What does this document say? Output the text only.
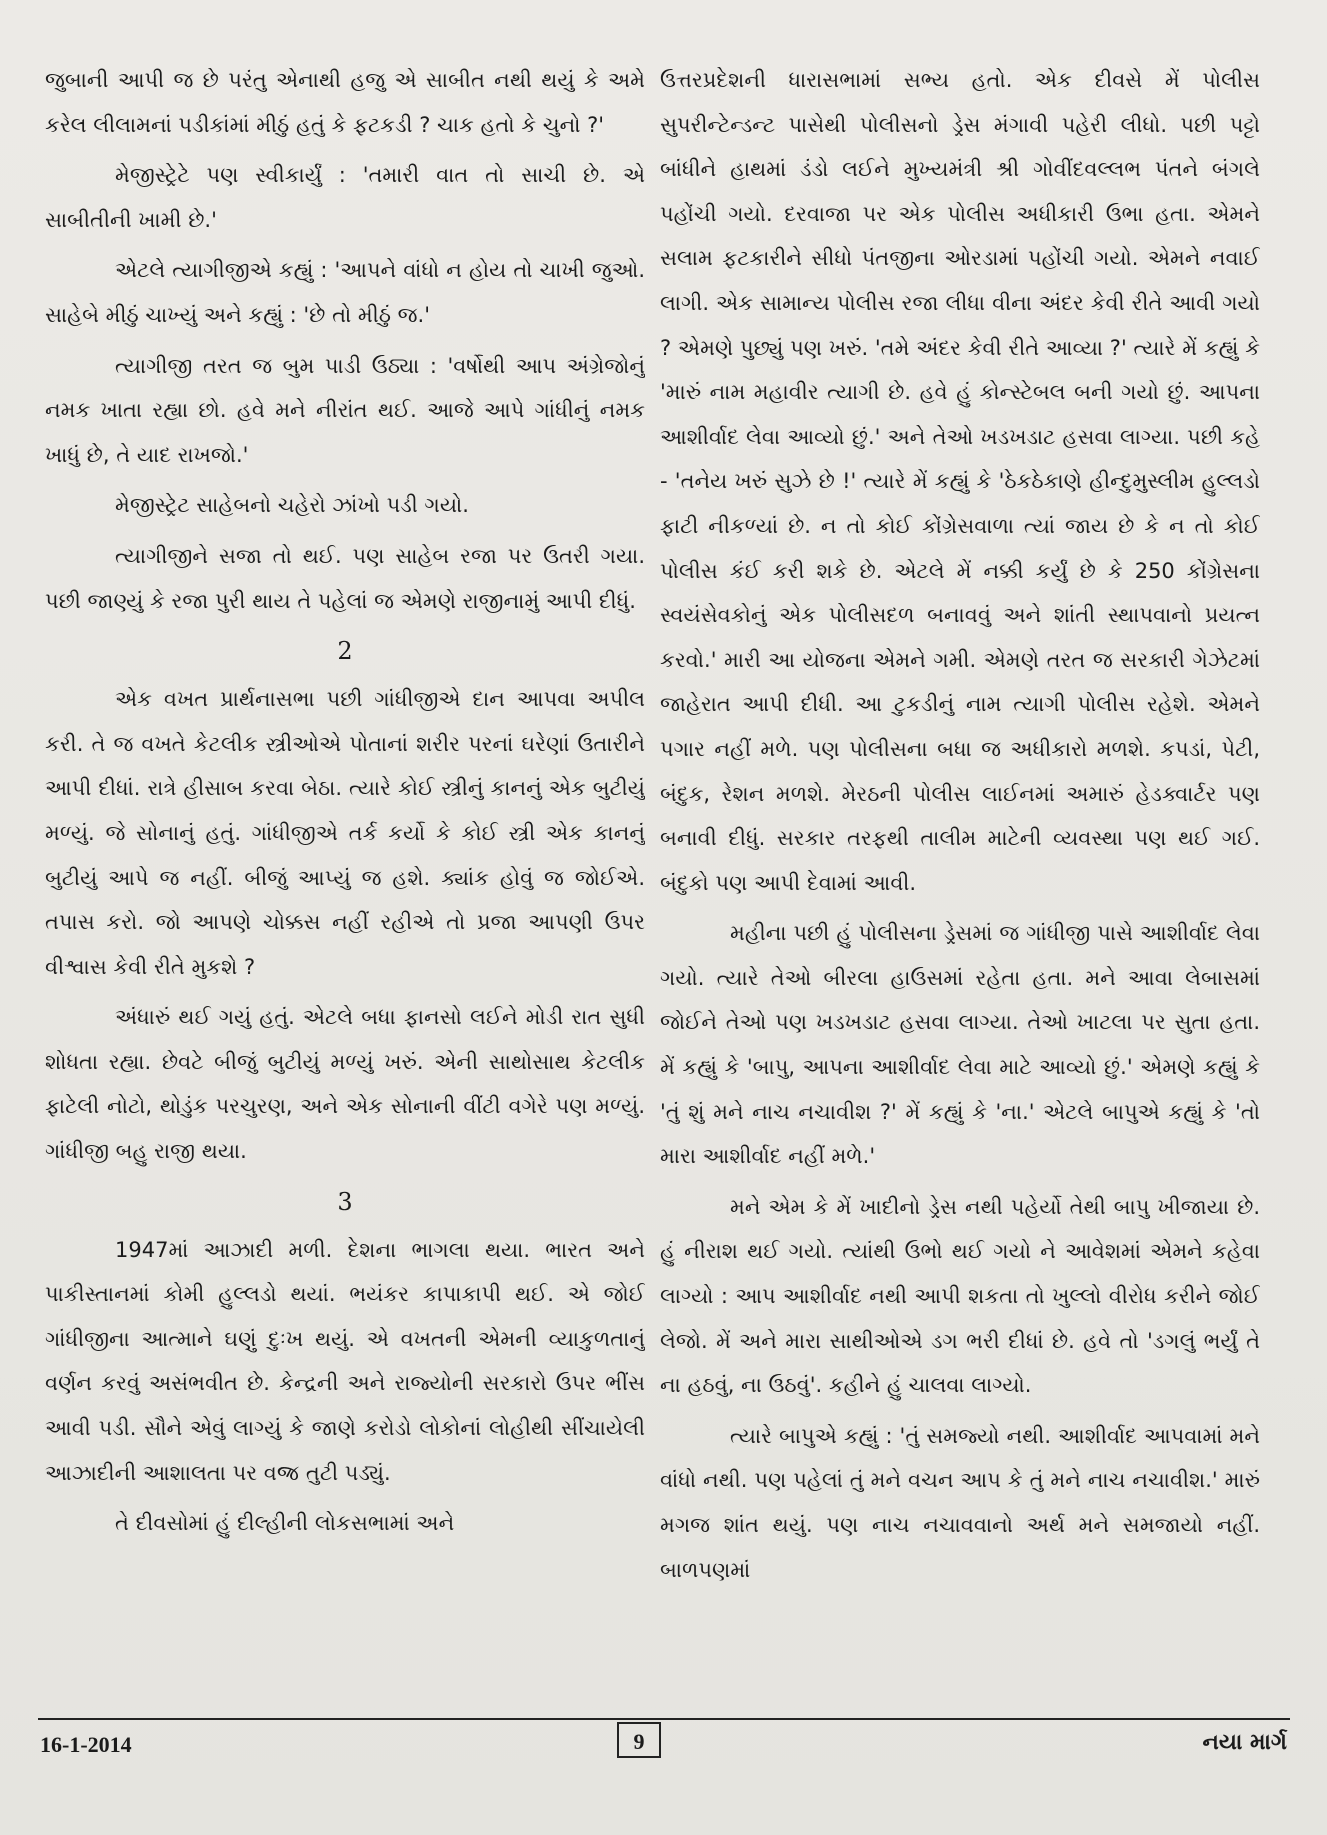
જુબાની આપી જ છે પરંતુ એનાથી હજુ એ સાબીત નથી થયું કે અમે કરેલ લીલામનાં પડીકાંમાં મીઠું હતું કે ફટકડી ? ચાક હતો કે ચુનો ?'

મેજીસ્ટ્રેટે પણ સ્વીકાર્યું : 'તમારી વાત તો સાચી છે. એ સાબીતીની ખામી છે.'

એટલે ત્યાગીજીએ કહ્યું : 'આપને વાંધો ન હોય તો ચાખી જુઓ. સાહેબે મીઠું ચાખ્યું અને કહ્યું : 'છે તો મીઠું જ.'

ત્યાગીજી તરત જ બુમ પાડી ઉઠ્યા : 'વર્ષોથી આપ અંગ્રેજોનું નમક ખાતા રહ્યા છો. હવે મને નીરાંત થઈ. આજે આપે ગાંધીનું નમક ખાધું છે, તે યાદ રાખજો.'

મેજીસ્ટ્રેટ સાહેબનો ચહેરો ઝાંખો પડી ગયો.

ત્યાગીજીને સજા તો થઈ. પણ સાહેબ રજા પર ઉતરી ગયા. પછી જાણ્યું કે રજા પુરી થાય તે પહેલાં જ એમણે રાજીનામું આપી દીધું.

2

એક વખત પ્રાર્થનાસભા પછી ગાંધીજીએ દાન આપવા અપીલ કરી. તે જ વખતે કેટલીક સ્ત્રીઓએ પોતાનાં શરીર પરનાં ઘરેણાં ઉતારીને આપી દીધાં. રાત્રે હીસાબ કરવા બેઠા. ત્યારે કોઈ સ્ત્રીનું કાનનું એક બુટીયું મળ્યું. જે સોનાનું હતું. ગાંધીજીએ તર્ક કર્યો કે કોઈ સ્ત્રી એક કાનનું બુટીયું આપે જ નહીં. બીજું આપ્યું જ હશે. ક્યાંક હોવું જ જોઈએ. તપાસ કરો. જો આપણે ચોક્કસ નહીં રહીએ તો પ્રજા આપણી ઉપર વીશ્વાસ કેવી રીતે મુકશે ?

અંધારું થઈ ગયું હતું. એટલે બધા ફાનસો લઈને મોડી રાત સુધી શોધતા રહ્યા. છેવટે બીજું બુટીયું મળ્યું ખરું. એની સાથોસાથ કેટલીક ફાટેલી નોટો, થોડુંક પરચુરણ, અને એક સોનાની વીંટી વગેરે પણ મળ્યું. ગાંધીજી બહુ રાજી થયા.

3

1947માં આઝાદી મળી. દેશના ભાગલા થયા. ભારત અને પાકીસ્તાનમાં કોમી હુલ્લડો થયાં. ભયંકર કાપાકાપી થઈ. એ જોઈ ગાંધીજીના આત્માને ઘણું દુઃખ થયું. એ વખતની એમની વ્યાકુળતાનું વર્ણન કરવું અસંભવીત છે. કેન્દ્રની અને રાજ્યોની સરકારો ઉપર ભીંસ આવી પડી. સૌને એવું લાગ્યું કે જાણે કરોડો લોકોનાં લોહીથી સીંચાયેલી આઝાદીની આશાલતા પર વજ્ર તુટી પડ્યું.

તે દીવસોમાં હું દીલ્હીની લોકસભામાં અને

ઉત્તરપ્રદેશની ધારાસભામાં સભ્ય હતો. એક દીવસે મેં પોલીસ સુપરીન્ટેન્ડન્ટ પાસેથી પોલીસનો ડ્રેસ મંગાવી પહેરી લીધો. પછી પટ્ટો બાંધીને હાથમાં ડંડો લઈને મુખ્યમંત્રી શ્રી ગોવીંદવલ્લભ પંતને બંગલે પહોંચી ગયો. દરવાજા પર એક પોલીસ અધીકારી ઉભા હતા. એમને સલામ ફટકારીને સીધો પંતજીના ઓરડામાં પહોંચી ગયો. એમને નવાઈ લાગી. એક સામાન્ય પોલીસ રજા લીધા વીના અંદર કેવી રીતે આવી ગયો ? એમણે પુછ્યું પણ ખરું. 'તમે અંદર કેવી રીતે આવ્યા ?' ત્યારે મેં કહ્યું કે 'મારું નામ મહાવીર ત્યાગી છે. હવે હું કોન્સ્ટેબલ બની ગયો છું. આપના આશીર્વાદ લેવા આવ્યો છું.' અને તેઓ ખડખડાટ હસવા લાગ્યા. પછી કહે - 'તનેય ખરું સુઝે છે !' ત્યારે મેં કહ્યું કે 'ઠેકઠેકાણે હીન્દુમુસ્લીમ હુલ્લડો ફાટી નીકળ્યાં છે. ન તો કોઈ કોંગ્રેસવાળા ત્યાં જાય છે કે ન તો કોઈ પોલીસ કંઈ કરી શકે છે. એટલે મેં નક્કી કર્યું છે કે 250 કોંગ્રેસના સ્વયંસેવકોનું એક પોલીસદળ બનાવવું અને શાંતી સ્થાપવાનો પ્રયત્ન કરવો.' મારી આ યોજના એમને ગમી. એમણે તરત જ સરકારી ગેઝેટમાં જાહેરાત આપી દીધી. આ ટુકડીનું નામ ત્યાગી પોલીસ રહેશે. એમને પગાર નહીં મળે. પણ પોલીસના બધા જ અધીકારો મળશે. કપડાં, પેટી, બંદુક, રેશન મળશે. મેરઠની પોલીસ લાઈનમાં અમારું હેડક્વાર્ટર પણ બનાવી દીધું. સરકાર તરફથી તાલીમ માટેની વ્યવસ્થા પણ થઈ ગઈ. બંદુકો પણ આપી દેવામાં આવી.

મહીના પછી હું પોલીસના ડ્રેસમાં જ ગાંધીજી પાસે આશીર્વાદ લેવા ગયો. ત્યારે તેઓ બીરલા હાઉસમાં રહેતા હતા. મને આવા લેબાસમાં જોઈને તેઓ પણ ખડખડાટ હસવા લાગ્યા. તેઓ ખાટલા પર સુતા હતા. મેં કહ્યું કે 'બાપુ, આપના આશીર્વાદ લેવા માટે આવ્યો છું.' એમણે કહ્યું કે 'તું શું મને નાચ નચાવીશ ?' મેં કહ્યું કે 'ના.' એટલે બાપુએ કહ્યું કે 'તો મારા આશીર્વાદ નહીં મળે.'

મને એમ કે મેં ખાદીનો ડ્રેસ નથી પહેર્યો તેથી બાપુ ખીજાયા છે. હું નીરાશ થઈ ગયો. ત્યાંથી ઉભો થઈ ગયો ને આવેશમાં એમને કહેવા લાગ્યો : આપ આશીર્વાદ નથી આપી શકતા તો ખુલ્લો વીરોધ કરીને જોઈ લેજો. મેં અને મારા સાથીઓએ ડગ ભરી દીધાં છે. હવે તો 'ડગલું ભર્યું તે ના હઠવું, ના ઉઠવું'. કહીને હું ચાલવા લાગ્યો.

ત્યારે બાપુએ કહ્યું : 'તું સમજ્યો નથી. આશીર્વાદ આપવામાં મને વાંધો નથી. પણ પહેલાં તું મને વચન આપ કે તું મને નાચ નચાવીશ.' મારું મગજ શાંત થયું. પણ નાચ નચાવવાનો અર્થ મને સમજાયો નહીં. બાળપણમાં

16-1-2014	9	નયા માર્ગ
